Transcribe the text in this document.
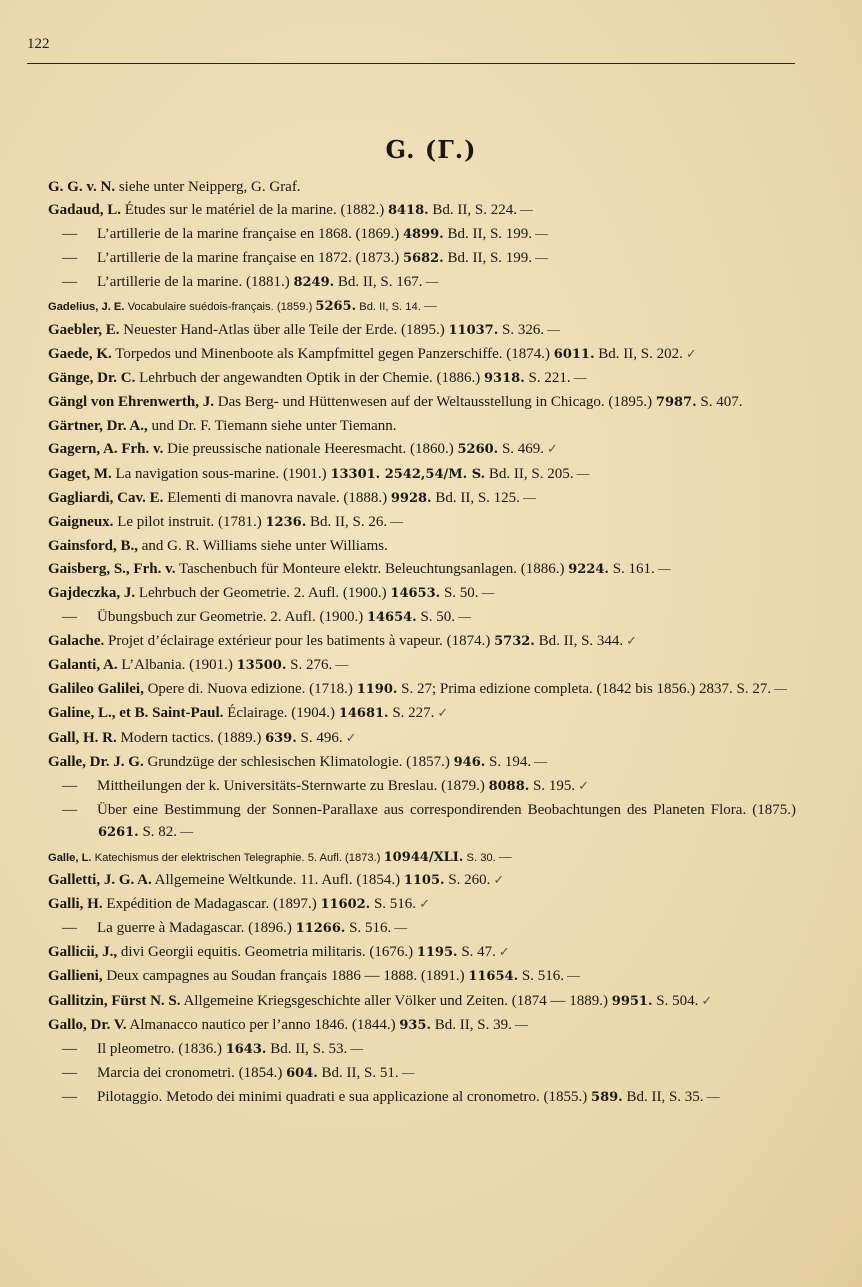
122
G. (Г.)
G. G. v. N. siehe unter Neipperg, G. Graf.
Gadaud, L. Études sur le matériel de la marine. (1882.) 8418. Bd. II, S. 224. —
— L’artillerie de la marine française en 1868. (1869.) 4899. Bd. II, S. 199. —
— L’artillerie de la marine française en 1872. (1873.) 5682. Bd. II, S. 199. —
— L’artillerie de la marine. (1881.) 8249. Bd. II, S. 167. —
Gadelius, J. E. Vocabulaire suédois-français. (1859.) 5265. Bd. II, S. 14. —
Gaebler, E. Neuester Hand-Atlas über alle Teile der Erde. (1895.) 11037. S. 326. —
Gaede, K. Torpedos und Minenboote als Kampfmittel gegen Panzerschiffe. (1874.) 6011. Bd. II, S. 202. ✓
Gänge, Dr. C. Lehrbuch der angewandten Optik in der Chemie. (1886.) 9318. S. 221. —
Gängl von Ehrenwerth, J. Das Berg- und Hüttenwesen auf der Weltausstellung in Chicago. (1895.) 7987. S. 407.
Gärtner, Dr. A., und Dr. F. Tiemann siehe unter Tiemann.
Gagern, A. Frh. v. Die preussische nationale Heeresmacht. (1860.) 5260. S. 469. ✓
Gaget, M. La navigation sous-marine. (1901.) 13301. 2542,54/M. S. Bd. II, S. 205. —
Gagliardi, Cav. E. Elementi di manovra navale. (1888.) 9928. Bd. II, S. 125. —
Gaigneux. Le pilot instruit. (1781.) 1236. Bd. II, S. 26. —
Gainsford, B., and G. R. Williams siehe unter Williams.
Gaisberg, S., Frh. v. Taschenbuch für Monteure elektr. Beleuchtungsanlagen. (1886.) 9224. S. 161. —
Gajdeczka, J. Lehrbuch der Geometrie. 2. Aufl. (1900.) 14653. S. 50. —
— Übungsbuch zur Geometrie. 2. Aufl. (1900.) 14654. S. 50. —
Galache. Projet d’éclairage extérieur pour les batiments à vapeur. (1874.) 5732. Bd. II, S. 344. ✓
Galanti, A. L’Albania. (1901.) 13500. S. 276. —
Galileo Galilei, Opere di. Nuova edizione. (1718.) 1190. S. 27; Prima edizione completa. (1842 bis 1856.) 2837. S. 27. —
Galine, L., et B. Saint-Paul. Éclairage. (1904.) 14681. S. 227. ✓
Gall, H. R. Modern tactics. (1889.) 639. S. 496. ✓
Galle, Dr. J. G. Grundzüge der schlesischen Klimatologie. (1857.) 946. S. 194. —
— Mittheilungen der k. Universitäts-Sternwarte zu Breslau. (1879.) 8088. S. 195. ✓
— Über eine Bestimmung der Sonnen-Parallaxe aus correspondirenden Beobachtungen des Planeten Flora. (1875.) 6261. S. 82. —
Galle, L. Katechismus der elektrischen Telegraphie. 5. Aufl. (1873.) 10944/XLI. S. 30. —
Galletti, J. G. A. Allgemeine Weltkunde. 11. Aufl. (1854.) 1105. S. 260. ✓
Galli, H. Expédition de Madagascar. (1897.) 11602. S. 516. ✓
— La guerre à Madagascar. (1896.) 11266. S. 516. —
Gallicii, J., divi Georgii equitis. Geometria militaris. (1676.) 1195. S. 47. ✓
Gallieni, Deux campagnes au Soudan français 1886 — 1888. (1891.) 11654. S. 516. —
Gallitzin, Fürst N. S. Allgemeine Kriegsgeschichte aller Völker und Zeiten. (1874 — 1889.) 9951. S. 504. ✓
Gallo, Dr. V. Almanacco nautico per l’anno 1846. (1844.) 935. Bd. II, S. 39. —
— Il pleometro. (1836.) 1643. Bd. II, S. 53. —
— Marcia dei cronometri. (1854.) 604. Bd. II, S. 51. —
— Pilotaggio. Metodo dei minimi quadrati e sua applicazione al cronometro. (1855.) 589. Bd. II, S. 35. —
